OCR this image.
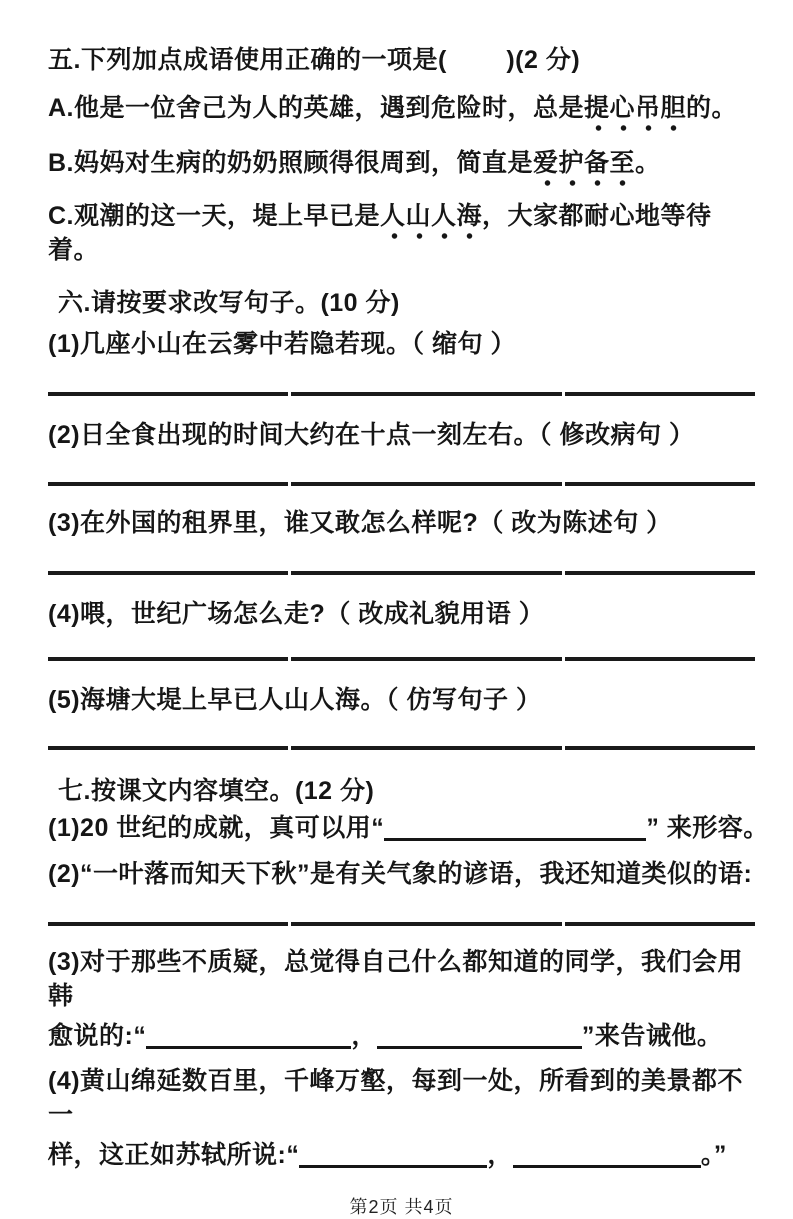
五.下列加点成语使用正确的一项是(        )(2 分)
A.他是一位舍己为人的英雄，遇到危险时，总是提心吊胆的。
B.妈妈对生病的奶奶照顾得很周到，简直是爱护备至。
C.观潮的这一天，堤上早已是人山人海，大家都耐心地等待着。
六.请按要求改写句子。(10 分)
(1)几座小山在云雾中若隐若现。（ 缩句 ）
(2)日全食出现的时间大约在十点一刻左右。（ 修改病句 ）
(3)在外国的租界里，谁又敢怎么样呢?（ 改为陈述句 ）
(4)喂，世纪广场怎么走?（ 改成礼貌用语 ）
(5)海塘大堤上早已人山人海。（ 仿写句子 ）
七.按课文内容填空。(12 分)
(1)20 世纪的成就，真可以用“	” 来形容。
(2)“一叶落而知天下秋”是有关气象的谚语，我还知道类似的语:
(3)对于那些不质疑，总觉得自己什么都知道的同学，我们会用韩
愈说的:“	，	”来告诫他。
(4)黄山绵延数百里，千峰万壑，每到一处，所看到的美景都不一
样，这正如苏轼所说:“	，	。”
第2页 共4页
